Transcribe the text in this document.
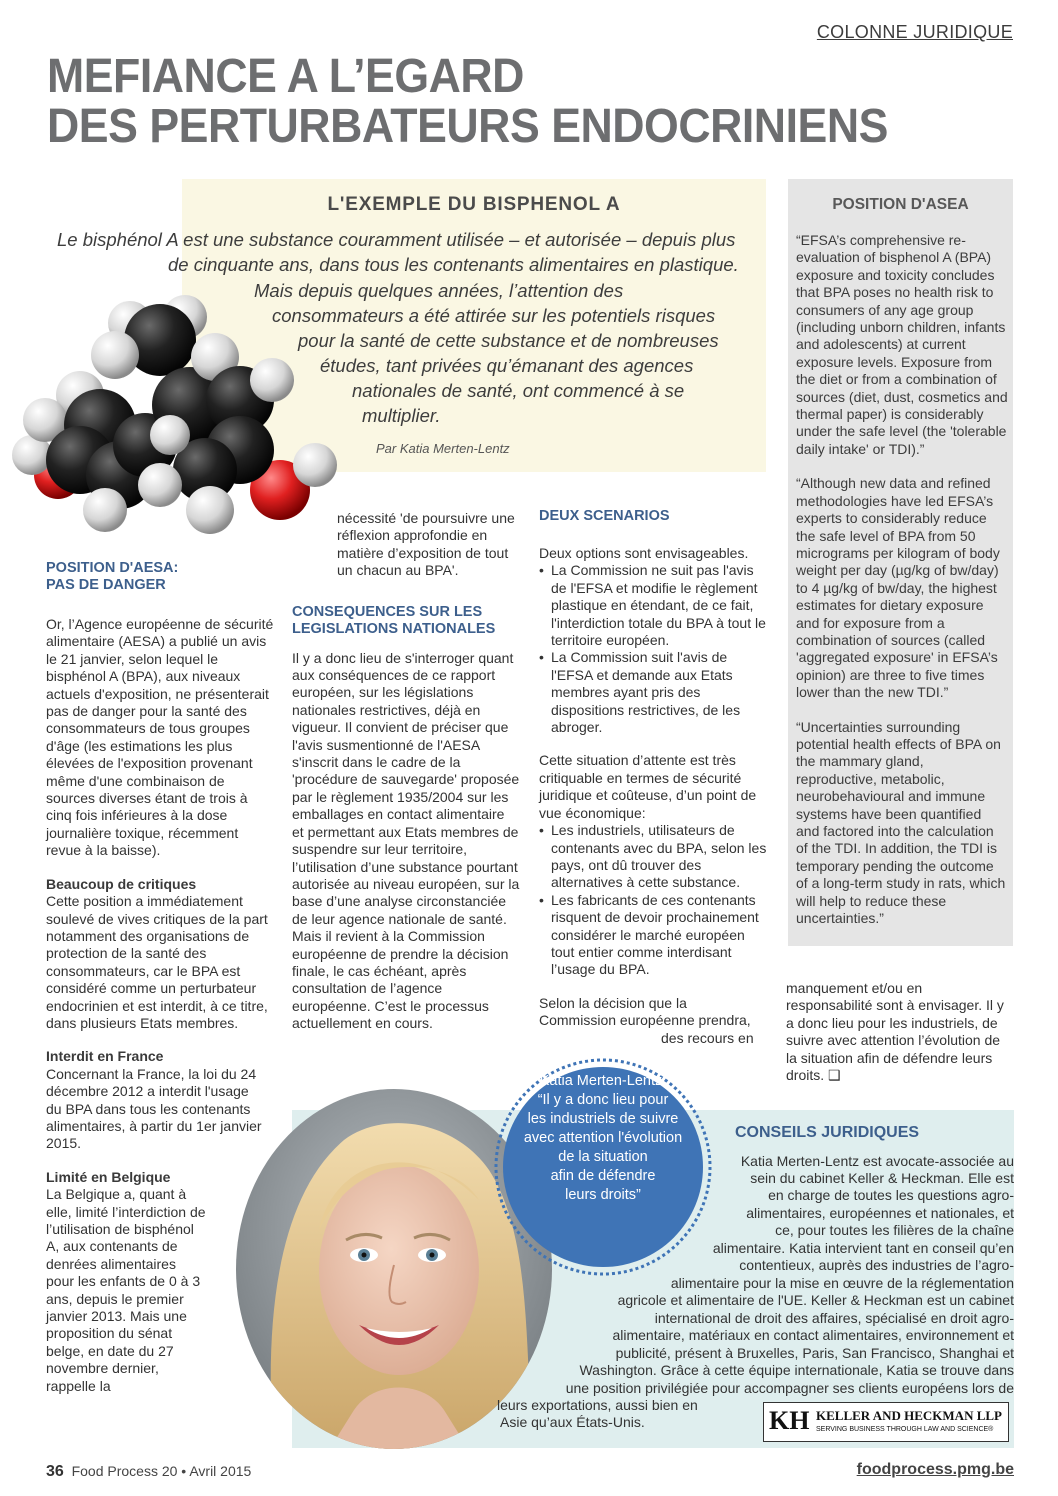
COLONNE JURIDIQUE
MEFIANCE A L’EGARD
DES PERTURBATEURS ENDOCRINIENS
L'EXEMPLE DU BISPHENOL A
Le bisphénol A est une substance couramment utilisée – et autorisée – depuis plus
de cinquante ans, dans tous les contenants alimentaires en plastique.
Mais depuis quelques années, l’attention des
consommateurs a été attirée sur les potentiels risques
pour la santé de cette substance et de nombreuses
études, tant privées qu’émanant des agences
nationales de santé, ont commencé à se
multiplier.
Par Katia Merten-Lentz
POSITION D'ASEA

“EFSA’s comprehensive re-evaluation of bisphenol A (BPA) exposure and toxicity concludes that BPA poses no health risk to consumers of any age group (including unborn children, infants and adolescents) at current exposure levels. Exposure from the diet or from a combination of sources (diet, dust, cosmetics and thermal paper) is considerably under the safe level (the 'tolerable daily intake' or TDI).”

“Although new data and refined methodologies have led EFSA’s experts to considerably reduce the safe level of BPA from 50 micrograms per kilogram of body weight per day (µg/kg of bw/day) to 4 µg/kg of bw/day, the highest estimates for dietary exposure and for exposure from a combination of sources (called 'aggregated exposure' in EFSA’s opinion) are three to five times lower than the new TDI.”

“Uncertainties surrounding potential health effects of BPA on the mammary gland, reproductive, metabolic, neurobehavioural and immune systems have been quantified and factored into the calculation of the TDI. In addition, the TDI is temporary pending the outcome of a long-term study in rats, which will help to reduce these uncertainties.”

POSITION D'AESA:
PAS DE DANGER

Or, l’Agence européenne de sécurité alimentaire (AESA) a publié un avis le 21 janvier, selon lequel le bisphénol A (BPA), aux niveaux actuels d'exposition, ne présenterait pas de danger pour la santé des consommateurs de tous groupes d'âge (les estimations les plus élevées de l'exposition provenant même d'une combinaison de sources diverses étant de trois à cinq fois inférieures à la dose journalière toxique, récemment revue à la baisse).

Beaucoup de critiques

Cette position a immédiatement soulevé de vives critiques de la part notamment des organisations de protection de la santé des consommateurs, car le BPA est considéré comme un perturbateur endocrinien et est interdit, à ce titre, dans plusieurs Etats membres.

Interdit en France

Concernant la France, la loi du 24 décembre 2012 a interdit l'usage du BPA dans tous les contenants alimentaires, à partir du 1er janvier 2015.

Limité en Belgique

La Belgique a, quant à elle, limité l’interdiction de l’utilisation de bisphénol A, aux contenants de denrées alimentaires pour les enfants de 0 à 3 ans, depuis le premier janvier 2013. Mais une proposition du sénat belge, en date du 27 novembre dernier, rappelle la

nécessité 'de poursuivre une réflexion approfondie en matière d’exposition de tout un chacun au BPA'.

CONSEQUENCES SUR LES
LEGISLATIONS NATIONALES

Il y a donc lieu de s'interroger quant aux conséquences de ce rapport européen, sur les législations nationales restrictives, déjà en vigueur. Il convient de préciser que l'avis susmentionné de l'AESA s'inscrit dans le cadre de la 'procédure de sauvegarde' proposée par le règlement 1935/2004 sur les emballages en contact alimentaire et permettant aux Etats membres de suspendre sur leur territoire, l’utilisation d’une substance pourtant autorisée au niveau européen, sur la base d’une analyse circonstanciée de leur agence nationale de santé. Mais il revient à la Commission européenne de prendre la décision finale, le cas échéant, après consultation de l’agence européenne. C’est le processus actuellement en cours.

DEUX SCENARIOS
Deux options sont envisageables.
• La Commission ne suit pas l'avis de l'EFSA et modifie le règlement plastique en étendant, de ce fait, l'interdiction totale du BPA à tout le territoire européen.
• La Commission suit l'avis de l'EFSA et demande aux Etats membres ayant pris des dispositions restrictives, de les abroger.
Cette situation d’attente est très critiquable en termes de sécurité juridique et coûteuse, d’un point de vue économique:
• Les industriels, utilisateurs de contenants avec du BPA, selon les pays, ont dû trouver des alternatives à cette substance.
• Les fabricants de ces contenants risquent de devoir prochainement considérer le marché européen tout entier comme interdisant l’usage du BPA.
Selon la décision que la
Commission européenne prendra,
des recours en
manquement et/ou en responsabilité sont à envisager. Il y a donc lieu pour les industriels, de suivre avec attention l’évolution de la situation afin de défendre leurs droits. ❑
Katia Merten-Lentz:
“Il y a donc lieu pour
les industriels de suivre
avec attention l'évolution
de la situation
afin de défendre
leurs droits”
CONSEILS JURIDIQUES
Katia Merten-Lentz est avocate-associée au
sein du cabinet Keller & Heckman. Elle est
en charge de toutes les questions agro-
alimentaires, européennes et nationales, et
ce, pour toutes les filières de la chaîne
alimentaire. Katia intervient tant en conseil qu’en
contentieux, auprès des industries de l’agro-
alimentaire pour la mise en œuvre de la réglementation
agricole et alimentaire de l'UE. Keller & Heckman est un cabinet
international de droit des affaires, spécialisé en droit agro-
alimentaire, matériaux en contact alimentaires, environnement et
publicité, présent à Bruxelles, Paris, San Francisco, Shanghai et
Washington. Grâce à cette équipe internationale, Katia se trouve dans
une position privilégiée pour accompagner ses clients européens lors de
leurs exportations, aussi bien en
Asie qu’aux États-Unis.	KH KELLER AND HECKMAN LLP
SERVING BUSINESS THROUGH LAW AND SCIENCE®
36 Food Process 20 • Avril 2015	foodprocess.pmg.be
